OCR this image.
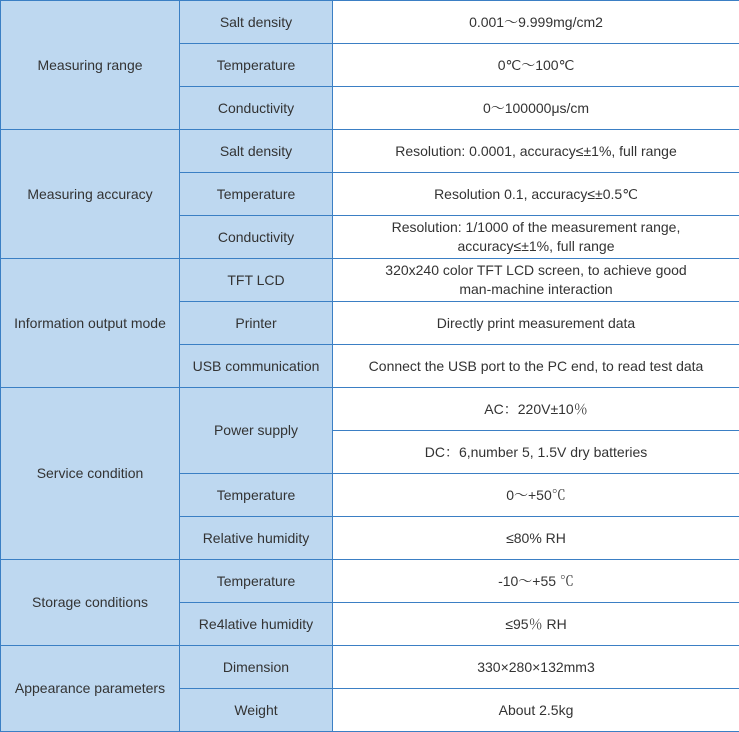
Measuring range	Salt density	0.001～9.999mg/cm2
	Temperature	0℃～100℃
	Conductivity	0～100000μs/cm
Measuring accuracy	Salt density	Resolution: 0.0001, accuracy≤±1%, full range
	Temperature	Resolution 0.1, accuracy≤±0.5℃
	Conductivity	Resolution: 1/1000 of the measurement range,
accuracy≤±1%, full range
Information output mode	TFT LCD	320x240 color TFT LCD screen, to achieve good
man-machine interaction
	Printer	Directly print measurement data
	USB communication	Connect the USB port to the PC end, to read test data
Service condition	Power supply	AC：220V±10％
		DC：6,number 5, 1.5V dry batteries
	Temperature	0～+50℃
	Relative humidity	≤80% RH
Storage conditions	Temperature	-10～+55 ℃
	Re4lative humidity	≤95％ RH
Appearance parameters	Dimension	330×280×132mm3
	Weight	About 2.5kg
